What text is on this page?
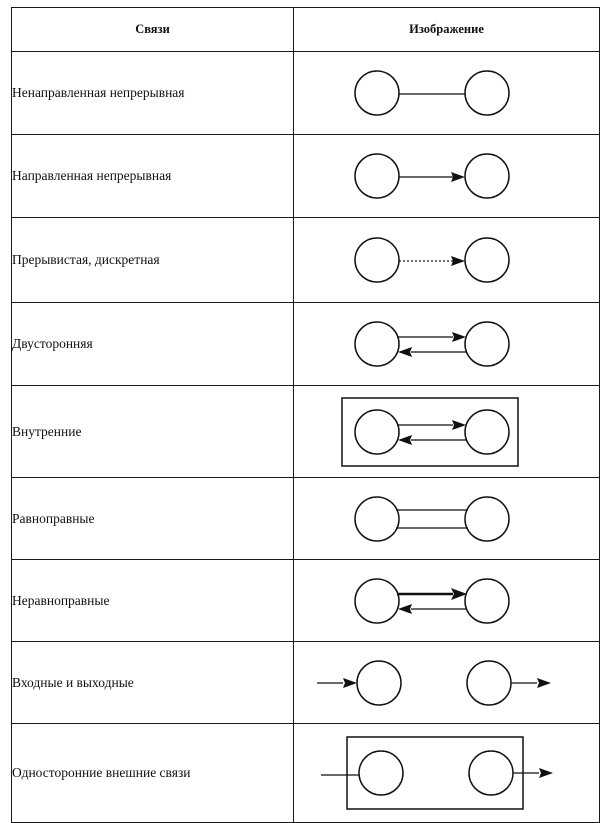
Связи	Изображение
Ненаправленная непрерывная	

Направленная непрерывная	

Прерывистая, дискретная	

Двусторонняя	

Внутренние	

Равноправные	

Неравноправные	

Входные и выходные	

Односторонние внешние связи	
